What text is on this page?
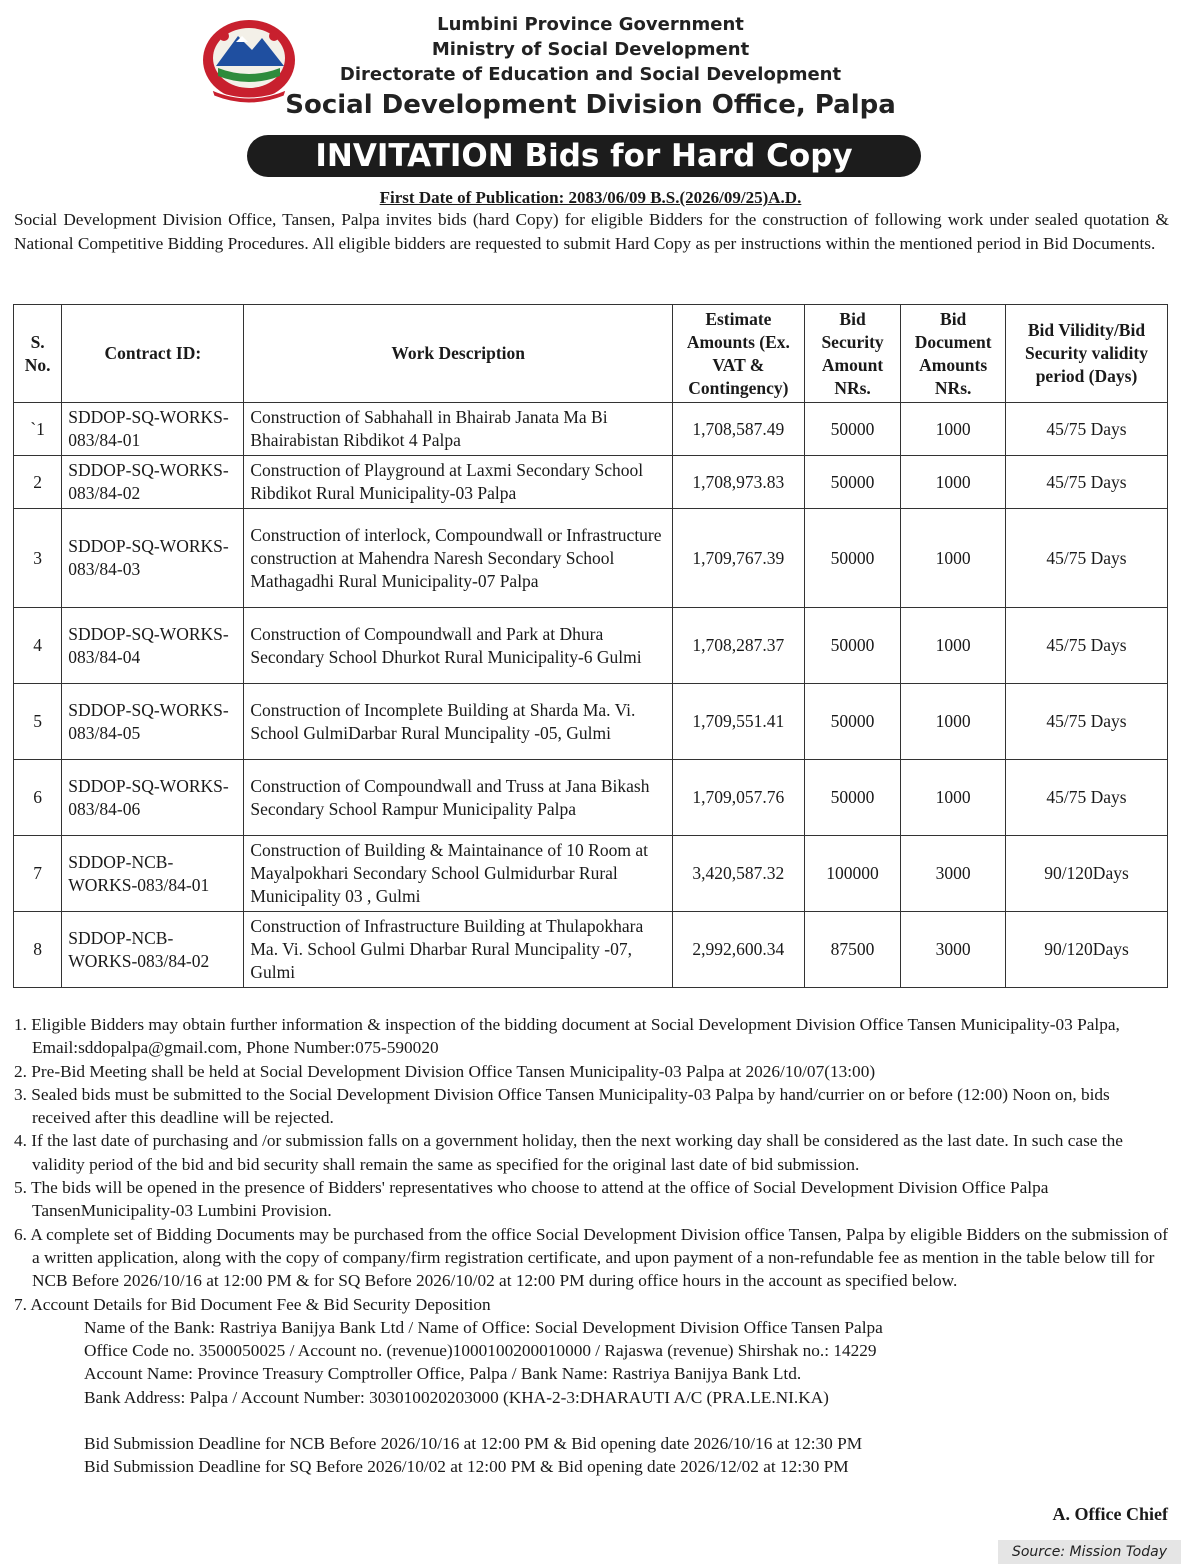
Lumbini Province Government
Ministry of Social Development
Directorate of Education and Social Development
Social Development Division Office, Palpa
INVITATION Bids for Hard Copy
First Date of Publication: 2083/06/09 B.S.(2026/09/25)A.D.
Social Development Division Office, Tansen, Palpa invites bids (hard Copy) for eligible Bidders for the construction of following work under sealed quotation & National Competitive Bidding Procedures. All eligible bidders are requested to submit Hard Copy as per instructions within the mentioned period in Bid Documents.
S. No.	Contract ID:	Work Description	Estimate Amounts (Ex. VAT & Contingency)	Bid Security Amount NRs.	Bid Document Amounts NRs.	Bid Vilidity/Bid Security validity period (Days)
`1	SDDOP-SQ-WORKS-083/84-01	Construction of Sabhahall in Bhairab Janata Ma Bi Bhairabistan Ribdikot 4 Palpa	1,708,587.49	50000	1000	45/75 Days
2	SDDOP-SQ-WORKS-083/84-02	Construction of Playground at Laxmi Secondary School Ribdikot Rural Municipality-03 Palpa	1,708,973.83	50000	1000	45/75 Days
3	SDDOP-SQ-WORKS-083/84-03	Construction of interlock, Compoundwall or Infrastructure construction at Mahendra Naresh Secondary School Mathagadhi Rural Municipality-07 Palpa	1,709,767.39	50000	1000	45/75 Days
4	SDDOP-SQ-WORKS-083/84-04	Construction of Compoundwall and Park at Dhura Secondary School Dhurkot Rural Municipality-6 Gulmi	1,708,287.37	50000	1000	45/75 Days
5	SDDOP-SQ-WORKS-083/84-05	Construction of Incomplete Building at Sharda Ma. Vi. School GulmiDarbar Rural Muncipality -05, Gulmi	1,709,551.41	50000	1000	45/75 Days
6	SDDOP-SQ-WORKS-083/84-06	Construction of Compoundwall and Truss at Jana Bikash Secondary School Rampur Municipality Palpa	1,709,057.76	50000	1000	45/75 Days
7	SDDOP-NCB-WORKS-083/84-01	Construction of Building & Maintainance of 10 Room at Mayalpokhari Secondary School Gulmidurbar Rural Municipality 03 , Gulmi	3,420,587.32	100000	3000	90/120Days
8	SDDOP-NCB-WORKS-083/84-02	Construction of Infrastructure Building at Thulapokhara Ma. Vi. School Gulmi Dharbar Rural Muncipality -07, Gulmi	2,992,600.34	87500	3000	90/120Days
1. Eligible Bidders may obtain further information & inspection of the bidding document at Social Development Division Office Tansen Municipality-03 Palpa, Email:sddopalpa@gmail.com, Phone Number:075-590020
2. Pre-Bid Meeting shall be held at Social Development Division Office Tansen Municipality-03 Palpa at 2026/10/07(13:00)
3. Sealed bids must be submitted to the Social Development Division Office Tansen Municipality-03 Palpa by hand/currier on or before (12:00) Noon on, bids received after this deadline will be rejected.
4. If the last date of purchasing and /or submission falls on a government holiday, then the next working day shall be considered as the last date. In such case the validity period of the bid and bid security shall remain the same as specified for the original last date of bid submission.
5. The bids will be opened in the presence of Bidders' representatives who choose to attend at the office of Social Development Division Office Palpa TansenMunicipality-03 Lumbini Provision.
6. A complete set of Bidding Documents may be purchased from the office Social Development Division office Tansen, Palpa by eligible Bidders on the submission of a written application, along with the copy of company/firm registration certificate, and upon payment of a non-refundable fee as mention in the table below till for NCB Before 2026/10/16 at 12:00 PM & for SQ Before 2026/10/02 at 12:00 PM during office hours in the account as specified below.
7. Account Details for Bid Document Fee & Bid Security Deposition
Name of the Bank: Rastriya Banijya Bank Ltd / Name of Office: Social Development Division Office Tansen Palpa
Office Code no. 3500050025 / Account no. (revenue)1000100200010000 / Rajaswa (revenue) Shirshak no.: 14229
Account Name: Province Treasury Comptroller Office, Palpa / Bank Name: Rastriya Banijya Bank Ltd.
Bank Address: Palpa / Account Number: 303010020203000 (KHA-2-3:DHARAUTI A/C (PRA.LE.NI.KA)
Bid Submission Deadline for NCB Before 2026/10/16 at 12:00 PM & Bid opening date 2026/10/16 at 12:30 PM
Bid Submission Deadline for SQ Before 2026/10/02 at 12:00 PM & Bid opening date 2026/12/02 at 12:30 PM
A. Office Chief
Source: Mission Today
